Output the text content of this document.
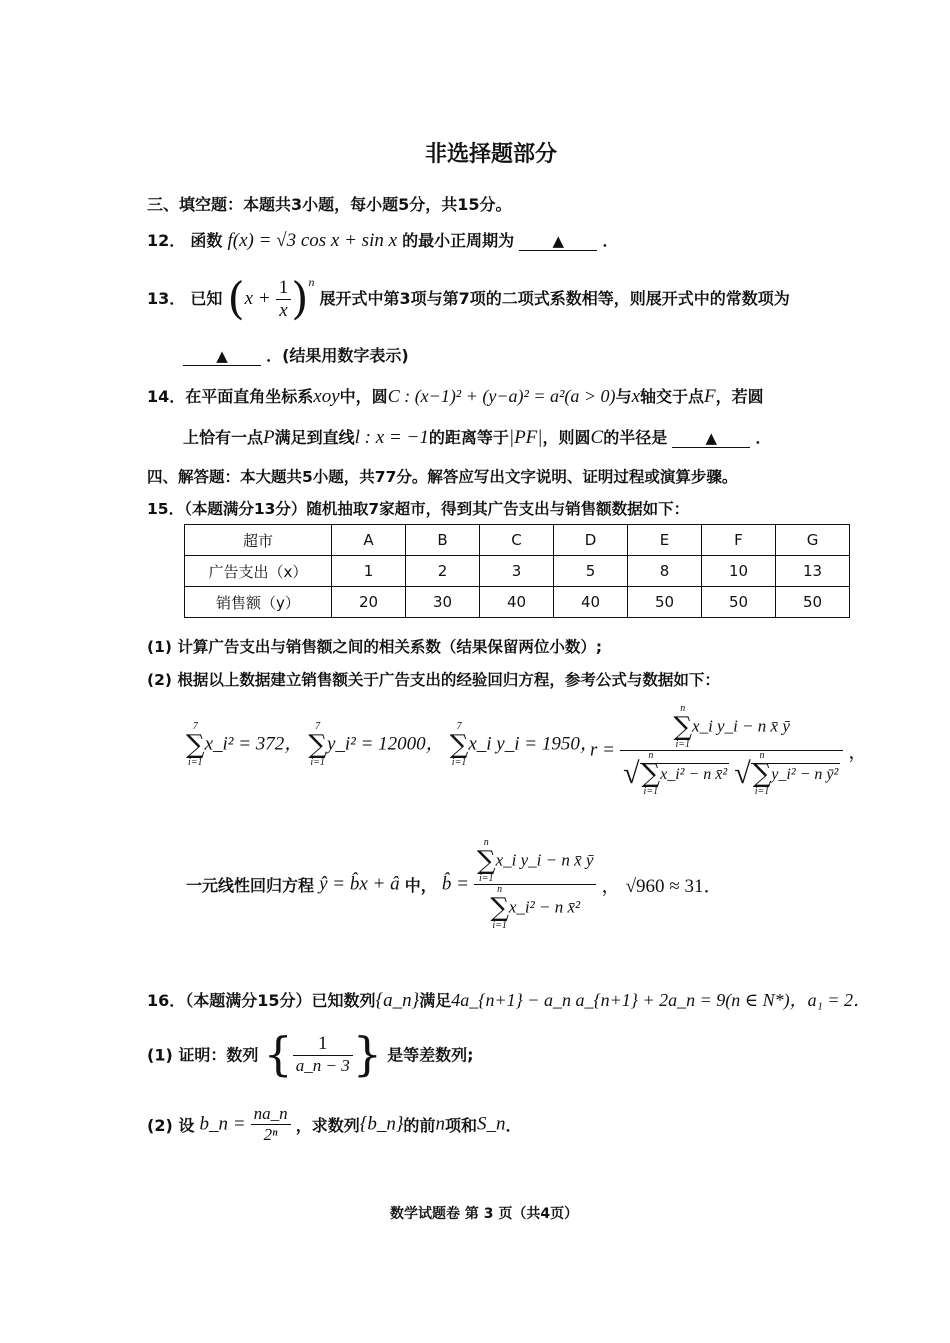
非选择题部分
三、填空题：本题共3小题，每小题5分，共15分。
12． 函数 f(x) = √3 cos x + sin x 的最小正周期为	▲ ．
13． 已知 $(x + \frac{1}{x} )^n$ 展开式中第3项与第7项的二项式系数相等，则展开式中的常数项为
▲ ．(结果用数字表示)
14．在平面直角坐标系xoy中，圆C : (x−1)² + (y−a)² = a²(a > 0)与x轴交于点F，若圆
上恰有一点P满足到直线l : x = −1的距离等于|PF|，则圆C的半径是	▲ ．
四、解答题：本大题共5小题，共77分。解答应写出文字说明、证明过程或演算步骤。
15．（本题满分13分）随机抽取7家超市，得到其广告支出与销售额数据如下：
超市	A	B	C	D	E	F	G
广告支出（x）	1	2	3	5	8	10	13
销售额（y）	20	30	40	40	50	50	50
(1) 计算广告支出与销售额之间的相关系数（结果保留两位小数）;
(2) 根据以上数据建立销售额关于广告支出的经验回归方程，参考公式与数据如下：
7
∑
i=1
x_i² = 372，
7
∑
i=1
y_i² = 12000，
7
∑
i=1
x_i y_i = 1950，
r = n
∑
i=1
x_i y_i − n x̄ ȳ
√
n
∑
i=1
x_i² − n x̄² √
n
∑
i=1
y_i² − n ȳ² ，
一元线性回归方程 ŷ = b̂x + â 中， b̂ = n
∑
i=1
x_i y_i − n x̄ ȳ
n
∑
i=1
x_i² − n x̄² ， √960 ≈ 31．
16．（本题满分15分）已知数列{a_n}满足4a_{n+1} − a_n a_{n+1} + 2a_n = 9(n ∈ N*)，a₁ = 2．
(1) 证明：数列 { $\frac{1}{a\_n - 3}$ } 是等差数列;
(2) 设 b_n = $\frac{na\_n}{\text{2ⁿ}}$ ，求数列{b_n}的前n项和S_n．
数学试题卷 第 3 页（共4页）
